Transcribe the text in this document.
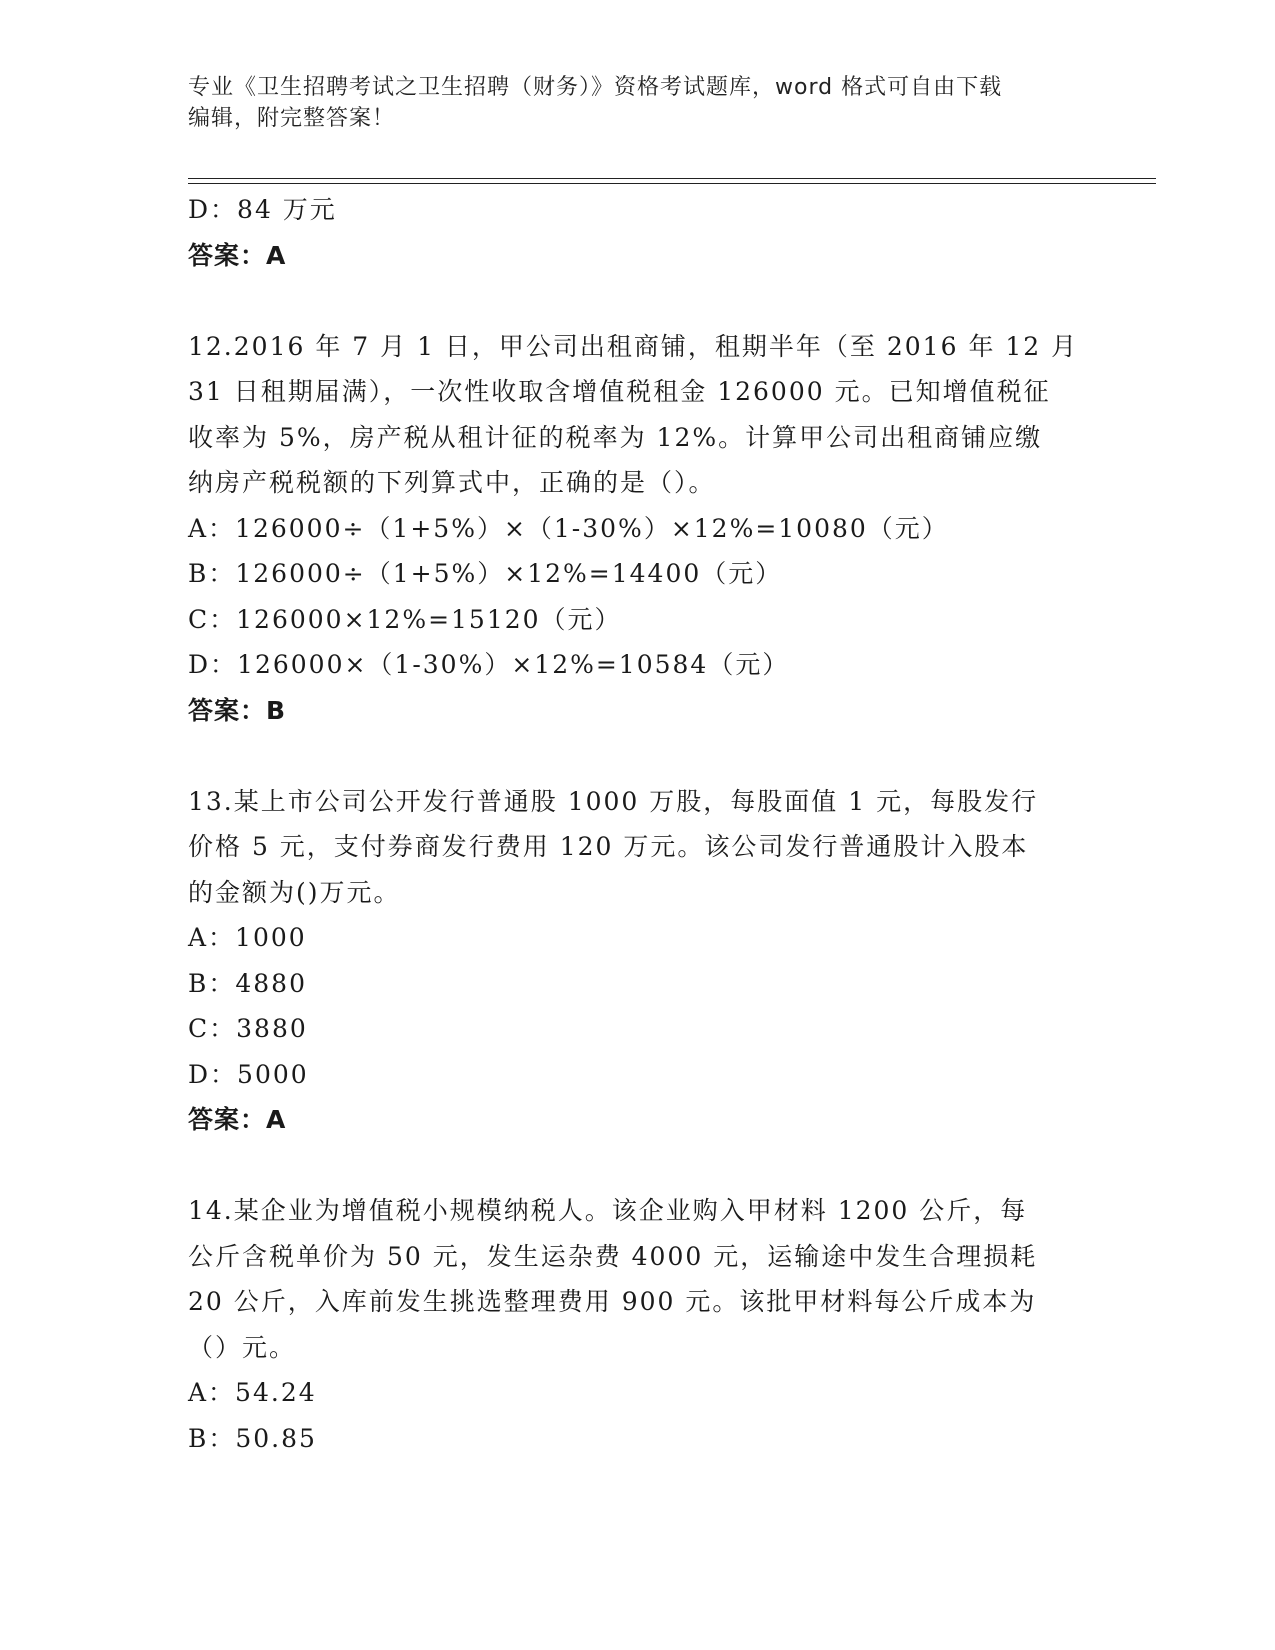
专业《卫生招聘考试之卫生招聘（财务）》资格考试题库，word 格式可自由下载
编辑，附完整答案！
D：84 万元
答案：A
12.2016 年 7 月 1 日，甲公司出租商铺，租期半年（至 2016 年 12 月
31 日租期届满），一次性收取含增值税租金 126000 元。已知增值税征
收率为 5%，房产税从租计征的税率为 12%。计算甲公司出租商铺应缴
纳房产税税额的下列算式中，正确的是（）。
A：126000÷（1+5%）×（1-30%）×12%=10080（元）
B：126000÷（1+5%）×12%=14400（元）
C：126000×12%=15120（元）
D：126000×（1-30%）×12%=10584（元）
答案：B
13.某上市公司公开发行普通股 1000 万股，每股面值 1 元，每股发行
价格 5 元，支付券商发行费用 120 万元。该公司发行普通股计入股本
的金额为()万元。
A：1000
B：4880
C：3880
D：5000
答案：A
14.某企业为增值税小规模纳税人。该企业购入甲材料 1200 公斤，每
公斤含税单价为 50 元，发生运杂费 4000 元，运输途中发生合理损耗
20 公斤，入库前发生挑选整理费用 900 元。该批甲材料每公斤成本为
（）元。
A：54.24
B：50.85
